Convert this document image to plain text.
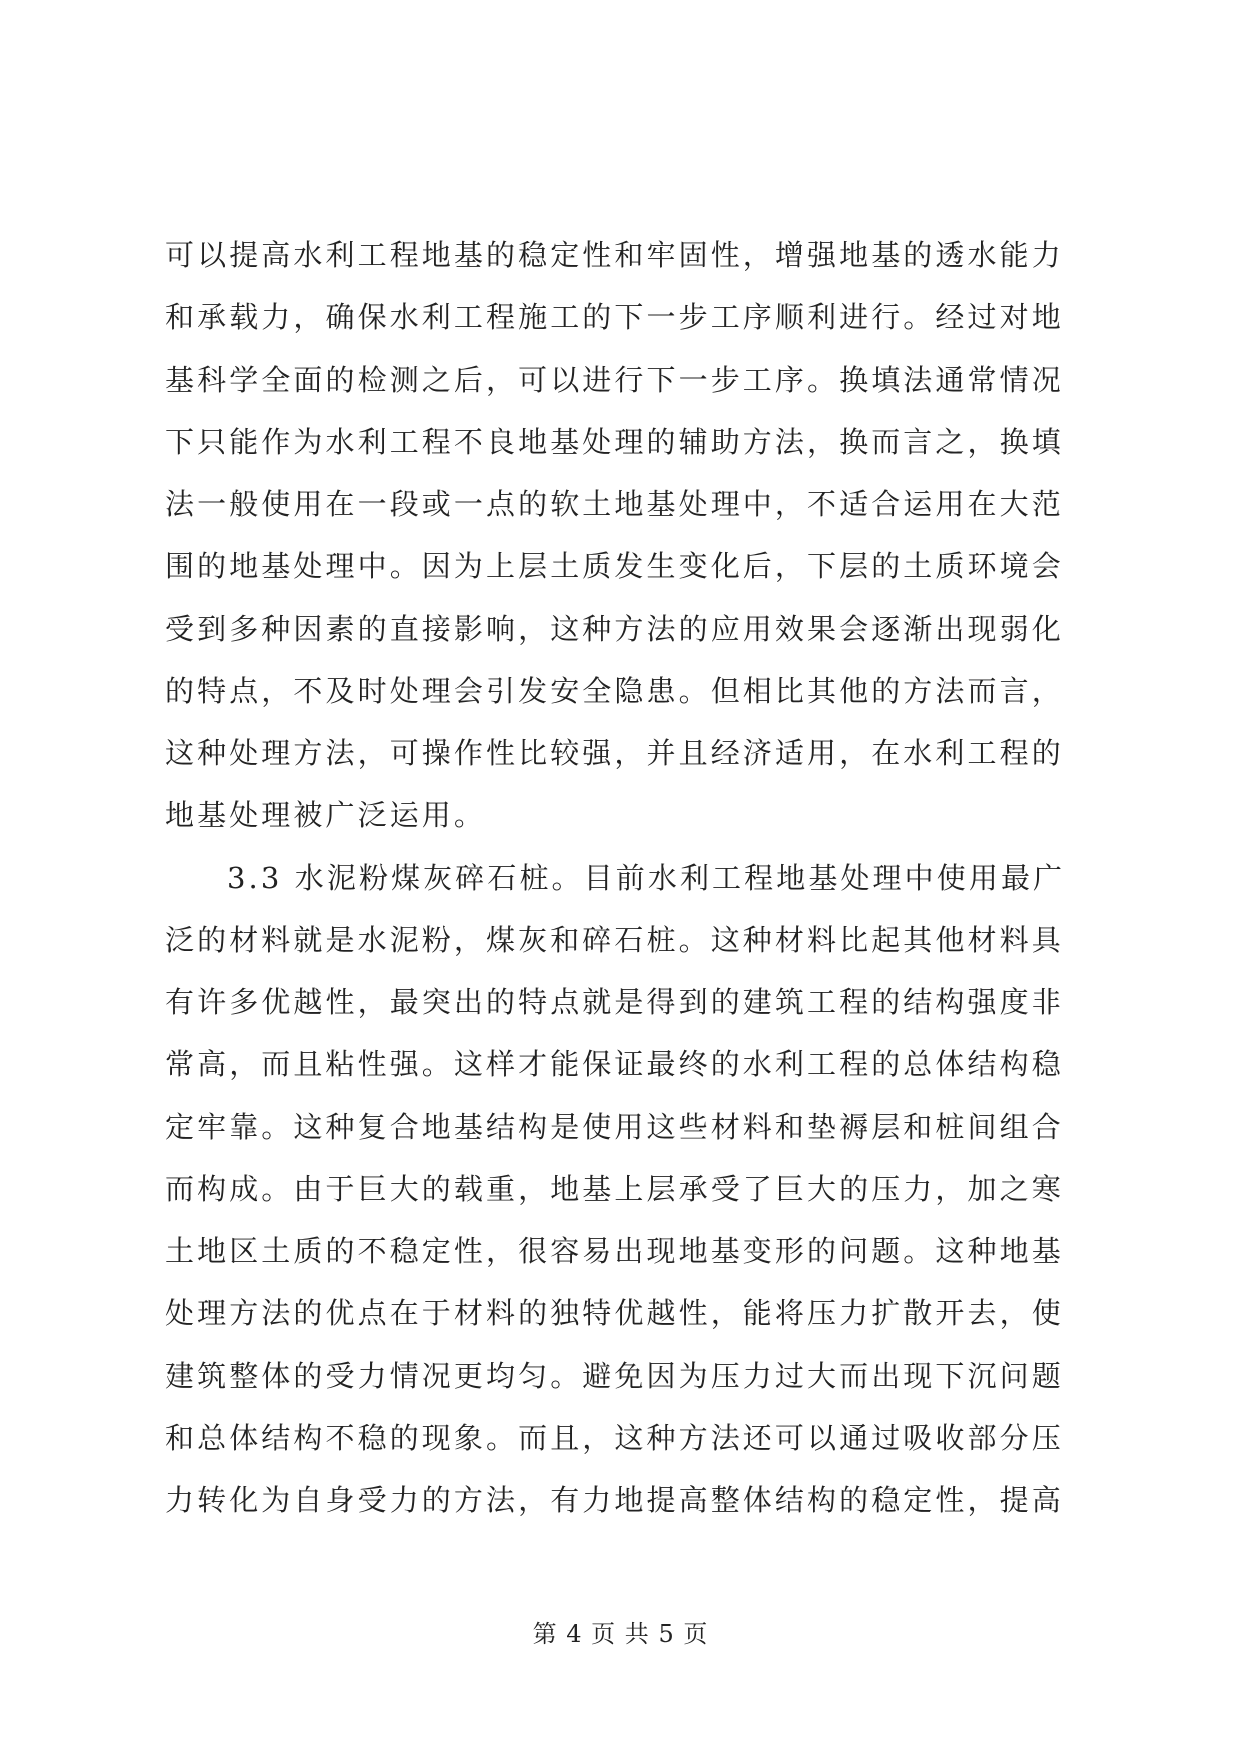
可以提高水利工程地基的稳定性和牢固性，增强地基的透水能力
和承载力，确保水利工程施工的下一步工序顺利进行。经过对地
基科学全面的检测之后，可以进行下一步工序。换填法通常情况
下只能作为水利工程不良地基处理的辅助方法，换而言之，换填
法一般使用在一段或一点的软土地基处理中，不适合运用在大范
围的地基处理中。因为上层土质发生变化后，下层的土质环境会
受到多种因素的直接影响，这种方法的应用效果会逐渐出现弱化
的特点，不及时处理会引发安全隐患。但相比其他的方法而言，
这种处理方法，可操作性比较强，并且经济适用，在水利工程的
地基处理被广泛运用。
3.3 水泥粉煤灰碎石桩。目前水利工程地基处理中使用最广
泛的材料就是水泥粉，煤灰和碎石桩。这种材料比起其他材料具
有许多优越性，最突出的特点就是得到的建筑工程的结构强度非
常高，而且粘性强。这样才能保证最终的水利工程的总体结构稳
定牢靠。这种复合地基结构是使用这些材料和垫褥层和桩间组合
而构成。由于巨大的载重，地基上层承受了巨大的压力，加之寒
土地区土质的不稳定性，很容易出现地基变形的问题。这种地基
处理方法的优点在于材料的独特优越性，能将压力扩散开去，使
建筑整体的受力情况更均匀。避免因为压力过大而出现下沉问题
和总体结构不稳的现象。而且，这种方法还可以通过吸收部分压
力转化为自身受力的方法，有力地提高整体结构的稳定性，提高
第 4 页 共 5 页
